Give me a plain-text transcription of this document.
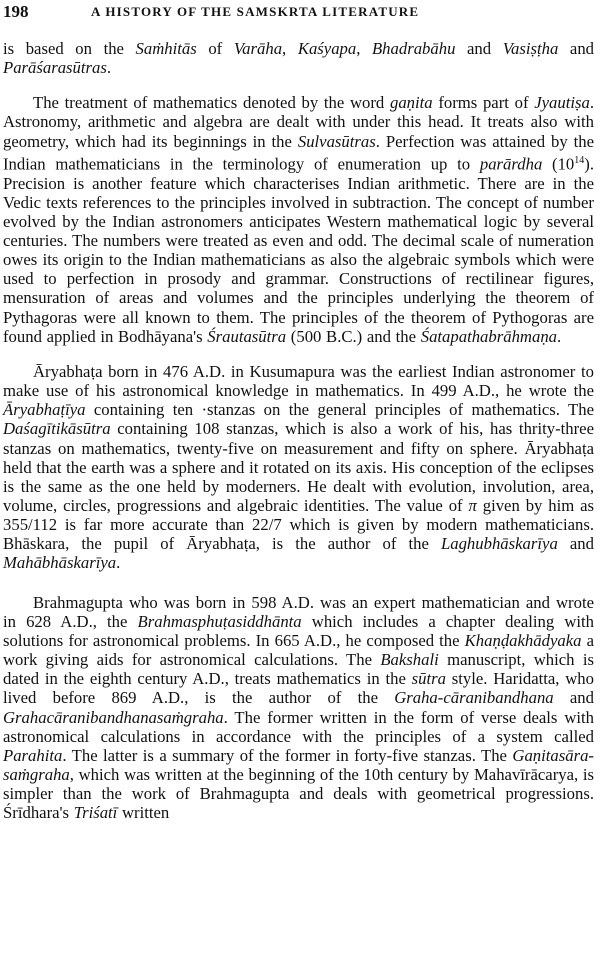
198	A HISTORY OF THE SAMSKRTA LITERATURE

is based on the Saṁhitās of Varāha, Kaśyapa, Bhadrabāhu and Vasiṣṭha and Parāśarasūtras.

The treatment of mathematics denoted by the word gaṇita forms part of Jyautiṣa. Astronomy, arithmetic and algebra are dealt with under this head. It treats also with geometry, which had its beginnings in the Sulvasūtras. Perfection was attained by the Indian mathematicians in the terminology of enumeration up to parārdha $(10^{14})$. Precision is another feature which characterises Indian arithmetic. There are in the Vedic texts references to the principles involved in subtraction. The concept of number evolved by the Indian astronomers anticipates Western mathematical logic by several centuries. The numbers were treated as even and odd. The decimal scale of numeration owes its origin to the Indian mathematicians as also the algebraic symbols which were used to perfection in prosody and grammar. Constructions of rectilinear figures, mensuration of areas and volumes and the principles underlying the theorem of Pythagoras were all known to them. The principles of the theorem of Pythogoras are found applied in Bodhāyana's Śrautasūtra (500 B.C.) and the Śatapathabrāhmaṇa.

Āryabhaṭa born in 476 A.D. in Kusumapura was the earliest Indian astronomer to make use of his astronomical knowledge in mathematics. In 499 A.D., he wrote the Āryabhaṭīya containing ten ·stanzas on the general principles of mathematics. The Daśagītikāsūtra containing 108 stanzas, which is also a work of his, has thrity-three stanzas on mathematics, twenty-five on measurement and fifty on sphere. Āryabhaṭa held that the earth was a sphere and it rotated on its axis. His conception of the eclipses is the same as the one held by moderners. He dealt with evolution, involution, area, volume, circles, progressions and algebraic identities. The value of π given by him as 355/112 is far more accurate than 22/7 which is given by modern mathematicians. Bhāskara, the pupil of Āryabhaṭa, is the author of the Laghubhāskarīya and Mahābhāskarīya.

Brahmagupta who was born in 598 A.D. was an expert mathematician and wrote in 628 A.D., the Brahmasphuṭasiddhānta which includes a chapter dealing with solutions for astronomical problems. In 665 A.D., he composed the Khaṇḍakhādyaka a work giving aids for astronomical calculations. The Bakshali manuscript, which is dated in the eighth century A.D., treats mathematics in the sūtra style. Haridatta, who lived before 869 A.D., is the author of the Graha-cāranibandhana and Grahacāranibandhanasaṁgraha. The former written in the form of verse deals with astronomical calculations in accordance with the principles of a system called Parahita. The latter is a summary of the former in forty-five stanzas. The Gaṇitasāra-saṁgraha, which was written at the beginning of the 10th century by Mahavīrācarya, is simpler than the work of Brahmagupta and deals with geometrical progressions. Śrīdhara's Triśatī written
